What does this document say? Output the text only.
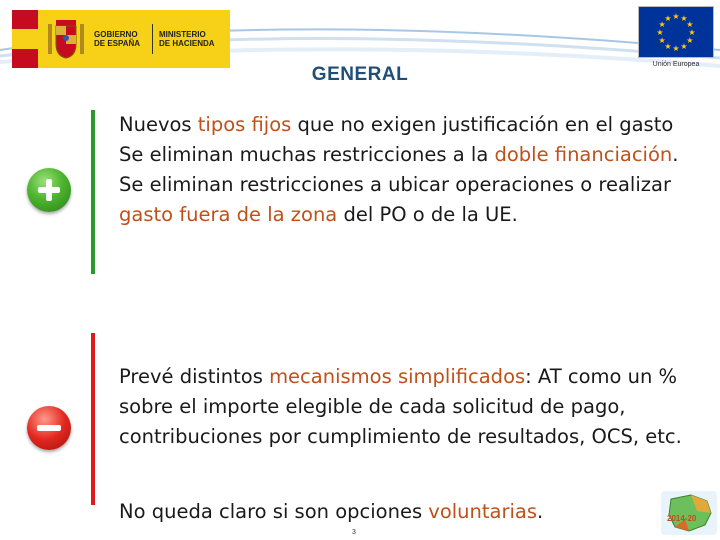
GOBIERNO
DE ESPAÑA
MINISTERIO
DE HACIENDA
★
★
★
★
★
★
★
★
★ ★ ★
★
Unión Europea
GENERAL

Nuevos tipos fijos que no exigen justificación en el gasto

Se eliminan muchas restricciones a la doble financiación.

Se eliminan restricciones a ubicar operaciones o realizar gasto fuera de la zona del PO o de la UE.

Prevé distintos mecanismos simplificados: AT como un % sobre el importe elegible de cada solicitud de pago, contribuciones por cumplimiento de resultados, OCS, etc.

No queda claro si son opciones voluntarias.

3
2014-20
